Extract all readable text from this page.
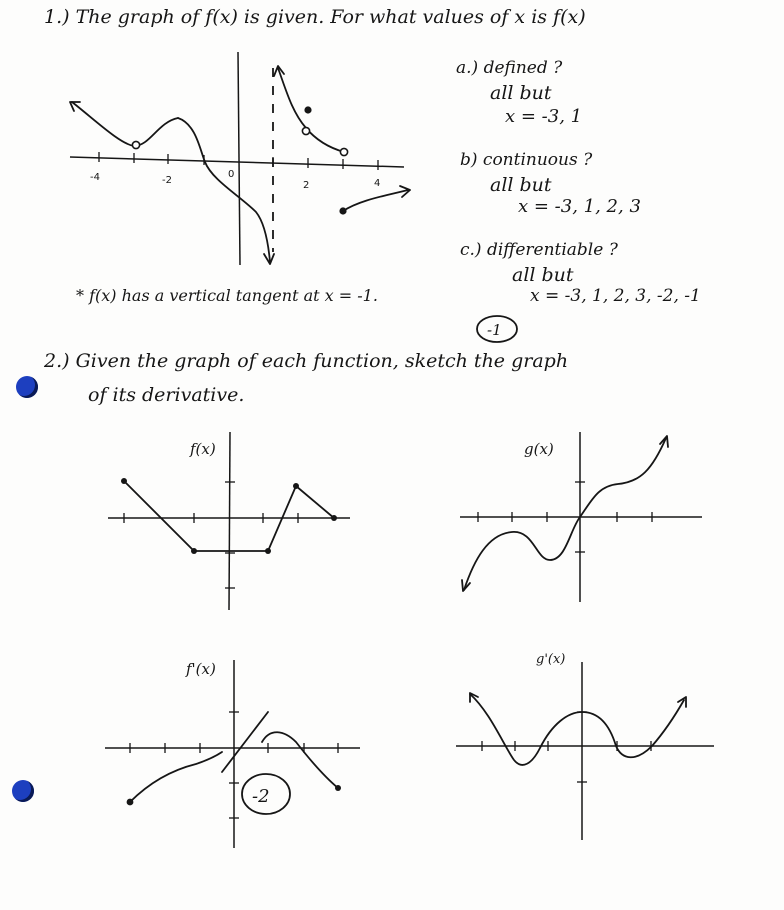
1.) The graph of f(x) is given. For what values of x is f(x)
a.) defined ?
all but
x = -3, 1
b) continuous ?
all but
x = -3, 1, 2, 3
c.) differentiable ?
all but
x = -3, 1, 2, 3, -2, -1
* f(x) has a vertical tangent at x = -1.
-1
-4	-2
0
2	4
2.) Given the graph of each function, sketch the graph
of its derivative.
f(x)	g(x)
f'(x)
g'(x)
-2
